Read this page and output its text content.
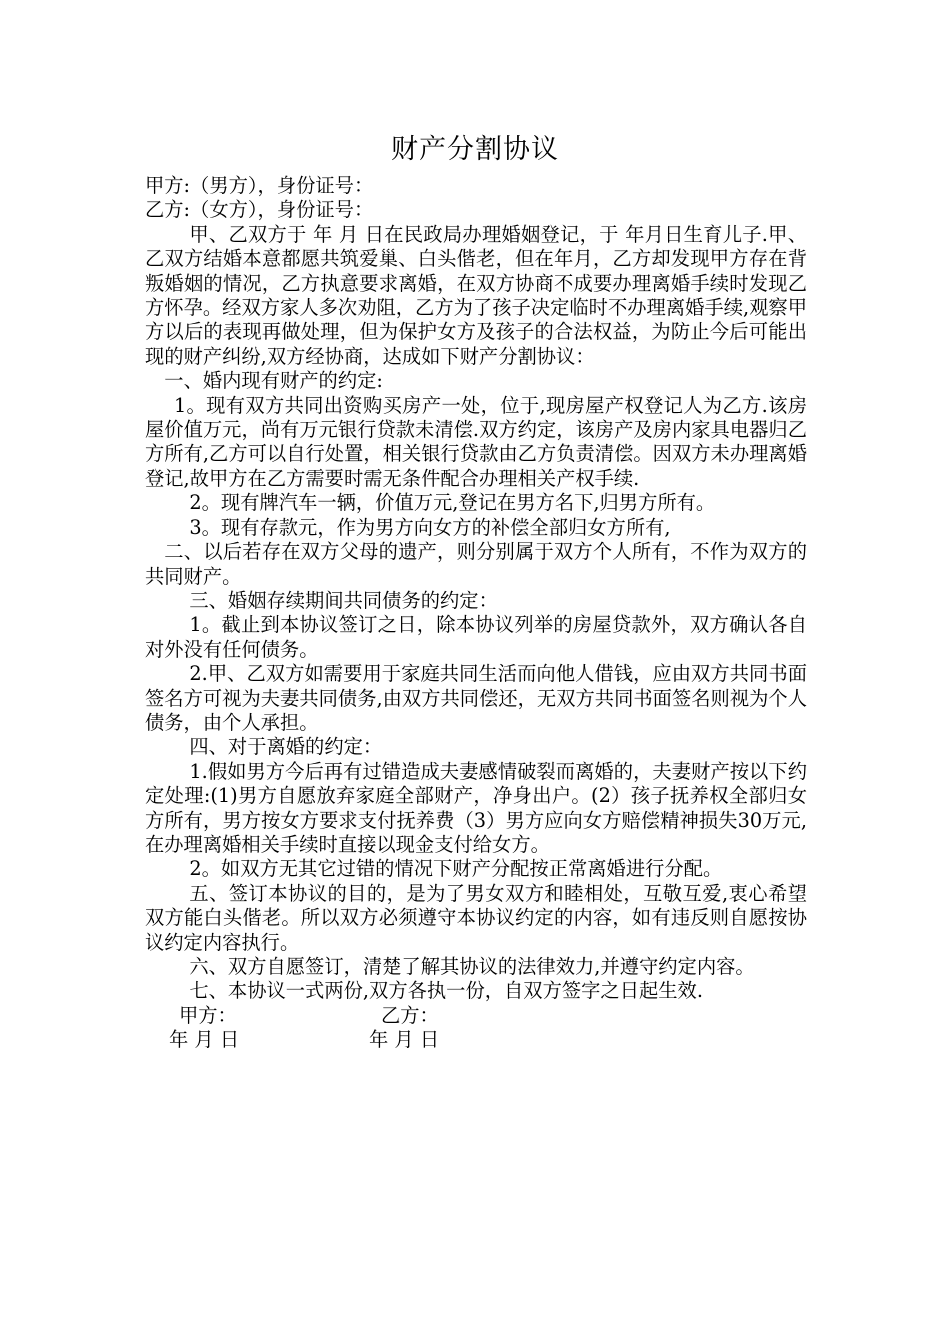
财产分割协议

甲方:（男方），身份证号：

乙方:（女方），身份证号：

甲、乙双方于 年 月 日在民政局办理婚姻登记，于 年月日生育儿子.甲、乙双方结婚本意都愿共筑爱巢、白头偕老，但在年月，乙方却发现甲方存在背叛婚姻的情况，乙方执意要求离婚，在双方协商不成要办理离婚手续时发现乙方怀孕。经双方家人多次劝阻，乙方为了孩子决定临时不办理离婚手续,观察甲方以后的表现再做处理，但为保护女方及孩子的合法权益，为防止今后可能出现的财产纠纷,双方经协商，达成如下财产分割协议：

一、婚内现有财产的约定:

1。现有双方共同出资购买房产一处，位于,现房屋产权登记人为乙方.该房屋价值万元，尚有万元银行贷款未清偿.双方约定，该房产及房内家具电器归乙方所有,乙方可以自行处置，相关银行贷款由乙方负责清偿。因双方未办理离婚登记,故甲方在乙方需要时需无条件配合办理相关产权手续.

2。现有牌汽车一辆，价值万元,登记在男方名下,归男方所有。

3。现有存款元，作为男方向女方的补偿全部归女方所有,

二、以后若存在双方父母的遗产，则分别属于双方个人所有，不作为双方的共同财产。

三、婚姻存续期间共同债务的约定：

1。截止到本协议签订之日，除本协议列举的房屋贷款外，双方确认各自对外没有任何债务。

2.甲、乙双方如需要用于家庭共同生活而向他人借钱，应由双方共同书面签名方可视为夫妻共同债务,由双方共同偿还，无双方共同书面签名则视为个人债务，由个人承担。

四、对于离婚的约定：

1.假如男方今后再有过错造成夫妻感情破裂而离婚的，夫妻财产按以下约定处理:(1)男方自愿放弃家庭全部财产，净身出户。(2）孩子抚养权全部归女方所有，男方按女方要求支付抚养费（3）男方应向女方赔偿精神损失30万元,在办理离婚相关手续时直接以现金支付给女方。

2。如双方无其它过错的情况下财产分配按正常离婚进行分配。

五、签订本协议的目的，是为了男女双方和睦相处，互敬互爱,衷心希望双方能白头偕老。所以双方必须遵守本协议约定的内容，如有违反则自愿按协议约定内容执行。

六、双方自愿签订，清楚了解其协议的法律效力,并遵守约定内容。

七、本协议一式两份,双方各执一份，自双方签字之日起生效.

甲方：

	乙方：

年 月 日

	年 月 日
